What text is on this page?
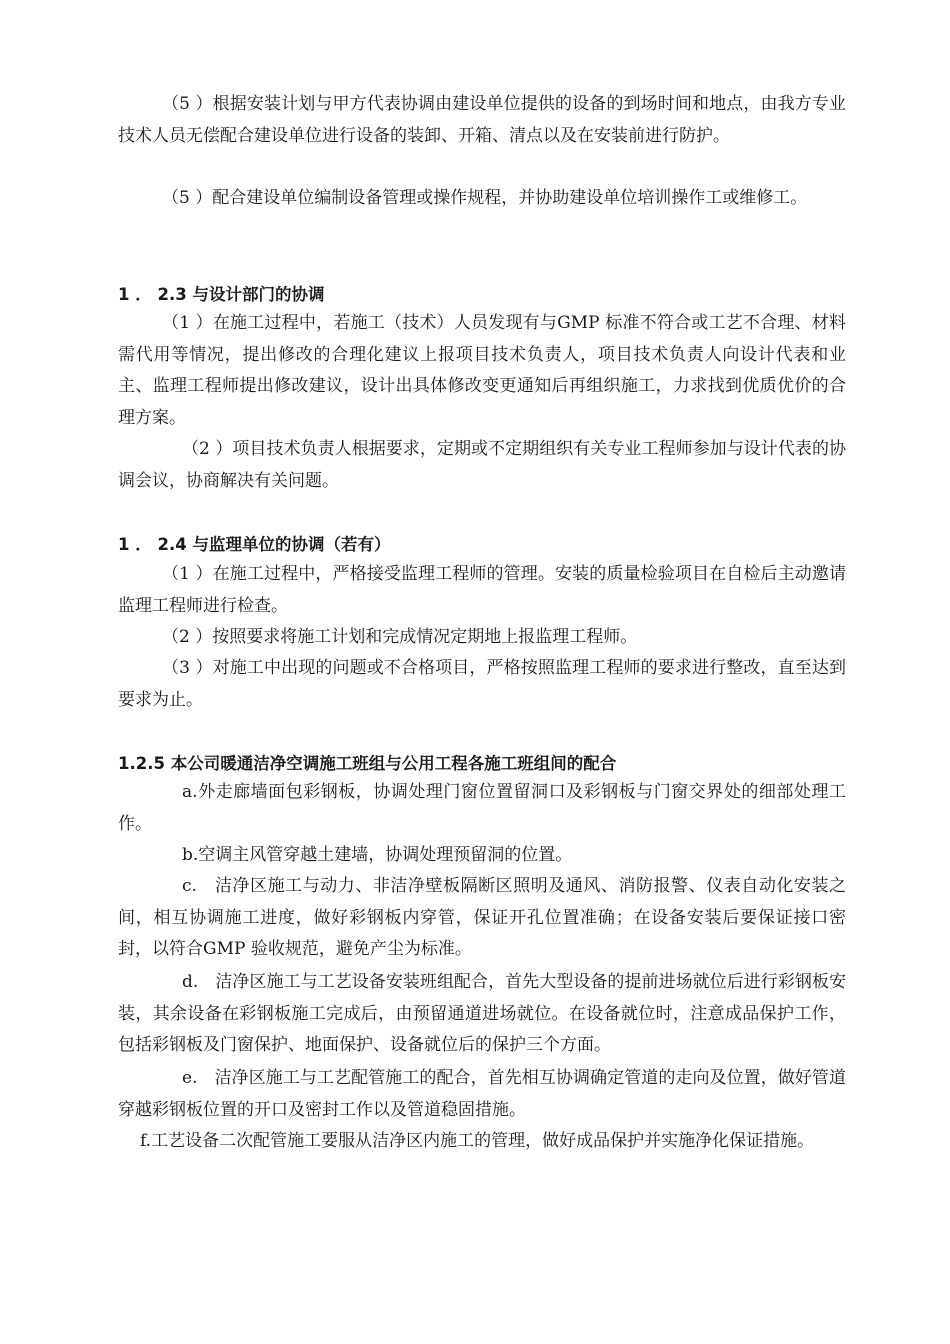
（5 ）根据安装计划与甲方代表协调由建设单位提供的设备的到场时间和地点，由我方专业技术人员无偿配合建设单位进行设备的装卸、开箱、清点以及在安装前进行防护。
（5 ）配合建设单位编制设备管理或操作规程，并协助建设单位培训操作工或维修工。
1 ． 2.3 与设计部门的协调
（1 ）在施工过程中，若施工（技术）人员发现有与GMP 标准不符合或工艺不合理、材料需代用等情况，提出修改的合理化建议上报项目技术负责人，项目技术负责人向设计代表和业主、监理工程师提出修改建议，设计出具体修改变更通知后再组织施工，力求找到优质优价的合理方案。
（2 ）项目技术负责人根据要求，定期或不定期组织有关专业工程师参加与设计代表的协调会议，协商解决有关问题。
1 ． 2.4 与监理单位的协调（若有）
（1 ）在施工过程中，严格接受监理工程师的管理。安装的质量检验项目在自检后主动邀请监理工程师进行检查。
（2 ）按照要求将施工计划和完成情况定期地上报监理工程师。
（3 ）对施工中出现的问题或不合格项目，严格按照监理工程师的要求进行整改，直至达到要求为止。
1.2.5 本公司暖通洁净空调施工班组与公用工程各施工班组间的配合
a.外走廊墙面包彩钢板，协调处理门窗位置留洞口及彩钢板与门窗交界处的细部处理工作。
b.空调主风管穿越土建墙，协调处理预留洞的位置。
c.　洁净区施工与动力、非洁净壁板隔断区照明及通风、消防报警、仪表自动化安装之间，相互协调施工进度，做好彩钢板内穿管，保证开孔位置准确；在设备安装后要保证接口密封，以符合GMP 验收规范，避免产尘为标准。
d.　洁净区施工与工艺设备安装班组配合，首先大型设备的提前进场就位后进行彩钢板安装，其余设备在彩钢板施工完成后，由预留通道进场就位。在设备就位时，注意成品保护工作，包括彩钢板及门窗保护、地面保护、设备就位后的保护三个方面。
e.　洁净区施工与工艺配管施工的配合，首先相互协调确定管道的走向及位置，做好管道穿越彩钢板位置的开口及密封工作以及管道稳固措施。
f.工艺设备二次配管施工要服从洁净区内施工的管理，做好成品保护并实施净化保证措施。
